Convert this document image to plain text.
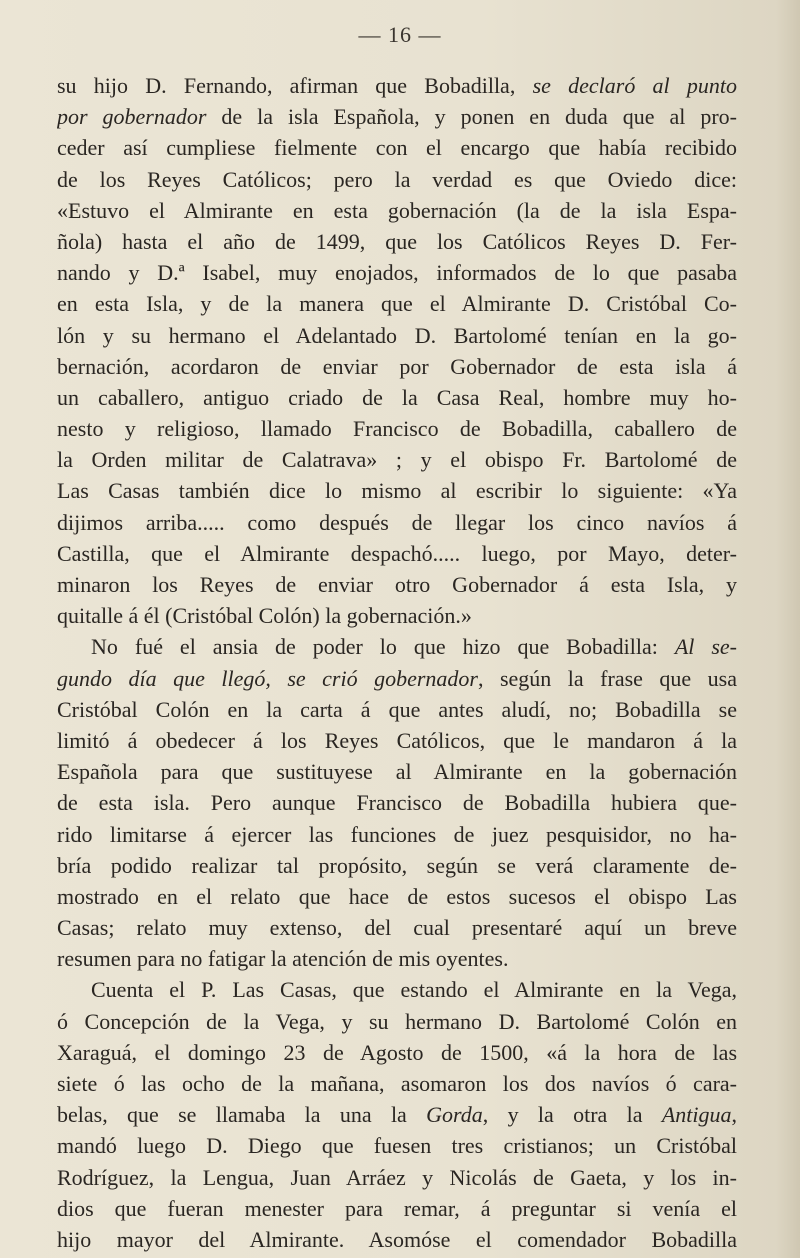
— 16 —
su hijo D. Fernando, afirman que Bobadilla, se declaró al punto
por gobernador de la isla Española, y ponen en duda que al pro-
ceder así cumpliese fielmente con el encargo que había recibido
de los Reyes Católicos; pero la verdad es que Oviedo dice:
«Estuvo el Almirante en esta gobernación (la de la isla Espa-
ñola) hasta el año de 1499, que los Católicos Reyes D. Fer-
nando y D.ª Isabel, muy enojados, informados de lo que pasaba
en esta Isla, y de la manera que el Almirante D. Cristóbal Co-
lón y su hermano el Adelantado D. Bartolomé tenían en la go-
bernación, acordaron de enviar por Gobernador de esta isla á
un caballero, antiguo criado de la Casa Real, hombre muy ho-
nesto y religioso, llamado Francisco de Bobadilla, caballero de
la Orden militar de Calatrava» ; y el obispo Fr. Bartolomé de
Las Casas también dice lo mismo al escribir lo siguiente: «Ya
dijimos arriba..... como después de llegar los cinco navíos á
Castilla, que el Almirante despachó..... luego, por Mayo, deter-
minaron los Reyes de enviar otro Gobernador á esta Isla, y
quitalle á él (Cristóbal Colón) la gobernación.»
No fué el ansia de poder lo que hizo que Bobadilla: Al se-
gundo día que llegó, se crió gobernador, según la frase que usa
Cristóbal Colón en la carta á que antes aludí, no; Bobadilla se
limitó á obedecer á los Reyes Católicos, que le mandaron á la
Española para que sustituyese al Almirante en la gobernación
de esta isla. Pero aunque Francisco de Bobadilla hubiera que-
rido limitarse á ejercer las funciones de juez pesquisidor, no ha-
bría podido realizar tal propósito, según se verá claramente de-
mostrado en el relato que hace de estos sucesos el obispo Las
Casas; relato muy extenso, del cual presentaré aquí un breve
resumen para no fatigar la atención de mis oyentes.
Cuenta el P. Las Casas, que estando el Almirante en la Vega,
ó Concepción de la Vega, y su hermano D. Bartolomé Colón en
Xaraguá, el domingo 23 de Agosto de 1500, «á la hora de las
siete ó las ocho de la mañana, asomaron los dos navíos ó cara-
belas, que se llamaba la una la Gorda, y la otra la Antigua,
mandó luego D. Diego que fuesen tres cristianos; un Cristóbal
Rodríguez, la Lengua, Juan Arráez y Nicolás de Gaeta, y los in-
dios que fueran menester para remar, á preguntar si venía el
hijo mayor del Almirante. Asomóse el comendador Bobadilla
